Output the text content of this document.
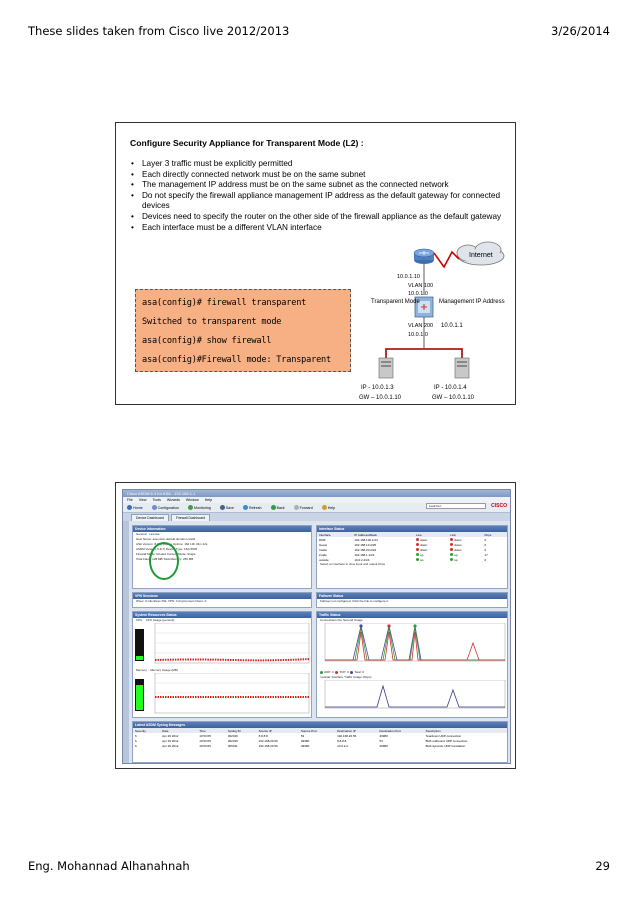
These slides taken from Cisco live 2012/2013	3/26/2014
Configure Security Appliance for Transparent Mode (L2) :
• Layer 3 traffic must be explicitly permitted
• Each directly connected network must be on the same subnet
• The management IP address must be on the same subnet as the connected network
• Do not specify the firewall appliance management IP address as the default gateway for connected devices
• Devices need to specify the router on the other side of the firewall appliance as the default gateway
• Each interface must be a different VLAN interface
asa(config)# firewall transparent
Switched to transparent mode
asa(config)# show firewall
asa(config)#Firewall mode: Transparent
Internet
10.0.1.10
VLAN 100
10.0.1.0
Transparent Mode	Management IP Address
VLAN 200 10.0.1.1
10.0.1.0
IP - 10.0.1.3
GW – 10.0.1.10
IP - 10.0.1.4
GW – 10.0.1.10
Cisco ASDM 6.4 for ASA - 192.168.1.1
File View Tools Wizards Window Help
Home	Configuration	Monitoring	Save	Refresh	Back	Forward	Help	Look For:	CISCO
Device Dashboard	Firewall Dashboard
Device Information
General License
Host Name: asa.cisco.default.domain.invalid
ASA Version: 8.4(3) Device Uptime: 16d 13h 43m 12s
ASDM Version: 6.4(7) Device Type: ASA 5505
Firewall Mode: Routed Context Mode: Single
Total Flash: 128 MB Total Memory: 256 MB
Interface Status
Interface	IP Address/Mask	Line	Link	Kbps
DMZ	192.168.100.1/24	down	down	0
Guest	192.168.10.2/25	down	down	0
Inside	192.168.20.2/24	down	down	0
inside	192.168.1.1/24	up	up	17
outside	10.0.2.2/24	up	up	0
Select an interface to view input and output Kbps
VPN Sessions
IPsec: 0 Clientless SSL VPN: 0 AnyConnect Client: 0
Failover Status
Failover not configured. Click the link to configure it.
System Resources Status
CPU CPU Usage (percent)
Memory Memory Usage (MB)
Traffic Status
Connections Per Second Usage
UDP: 0 TCP: 0 Total: 0
'outside' Interface Traffic Usage (Kbps)
Latest ASDM Syslog Messages
Severity	Date	Time	Syslog ID	Source IP	Source Port	Destination IP	Destination Port	Description
6	Apr 29 2012	10:53:05	302016	8.8.8.8	53	192.168.20.56	49980	Teardown UDP connection
6	Apr 29 2012	10:53:05	302015	192.168.20.56	49980	8.8.8.8	53	Built outbound UDP connection
6	Apr 29 2012	10:53:05	305011	192.168.20.56	49980	10.0.2.2	49980	Built dynamic UDP translation
Eng. Mohannad Alhanahnah	29
